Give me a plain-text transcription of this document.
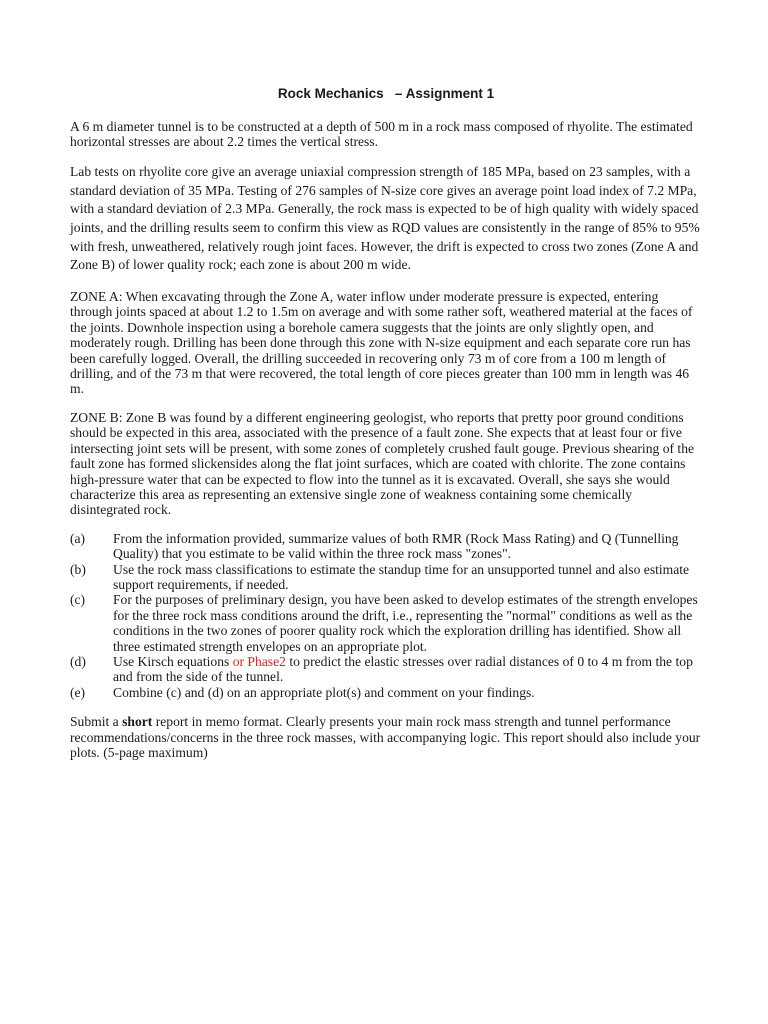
Rock Mechanics   – Assignment 1

A 6 m diameter tunnel is to be constructed at a depth of 500 m in a rock mass composed of rhyolite. The estimated horizontal stresses are about 2.2 times the vertical stress.

Lab tests on rhyolite core give an average uniaxial compression strength of 185 MPa, based on 23 samples, with a standard deviation of 35 MPa. Testing of 276 samples of N-size core gives an average point load index of 7.2 MPa, with a standard deviation of 2.3 MPa. Generally, the rock mass is expected to be of high quality with widely spaced joints, and the drilling results seem to confirm this view as RQD values are consistently in the range of 85% to 95% with fresh, unweathered, relatively rough joint faces. However, the drift is expected to cross two zones (Zone A and Zone B) of lower quality rock; each zone is about 200 m wide.

ZONE A: When excavating through the Zone A, water inflow under moderate pressure is expected, entering through joints spaced at about 1.2 to 1.5m on average and with some rather soft, weathered material at the faces of the joints. Downhole inspection using a borehole camera suggests that the joints are only slightly open, and moderately rough. Drilling has been done through this zone with N-size equipment and each separate core run has been carefully logged. Overall, the drilling succeeded in recovering only 73 m of core from a 100 m length of drilling, and of the 73 m that were recovered, the total length of core pieces greater than 100 mm in length was 46 m.

ZONE B: Zone B was found by a different engineering geologist, who reports that pretty poor ground conditions should be expected in this area, associated with the presence of a fault zone. She expects that at least four or five intersecting joint sets will be present, with some zones of completely crushed fault gouge. Previous shearing of the fault zone has formed slickensides along the flat joint surfaces, which are coated with chlorite. The zone contains high-pressure water that can be expected to flow into the tunnel as it is excavated. Overall, she says she would characterize this area as representing an extensive single zone of weakness containing some chemically disintegrated rock.

(a)	From the information provided, summarize values of both RMR (Rock Mass Rating) and Q (Tunnelling Quality) that you estimate to be valid within the three rock mass "zones".
(b)	Use the rock mass classifications to estimate the standup time for an unsupported tunnel and also estimate support requirements, if needed.
(c)	For the purposes of preliminary design, you have been asked to develop estimates of the strength envelopes for the three rock mass conditions around the drift, i.e., representing the "normal" conditions as well as the conditions in the two zones of poorer quality rock which the exploration drilling has identified. Show all three estimated strength envelopes on an appropriate plot.
(d)	Use Kirsch equations or Phase2 to predict the elastic stresses over radial distances of 0 to 4 m from the top and from the side of the tunnel.
(e)	Combine (c) and (d) on an appropriate plot(s) and comment on your findings.

Submit a short report in memo format. Clearly presents your main rock mass strength and tunnel performance recommendations/concerns in the three rock masses, with accompanying logic. This report should also include your plots. (5-page maximum)
